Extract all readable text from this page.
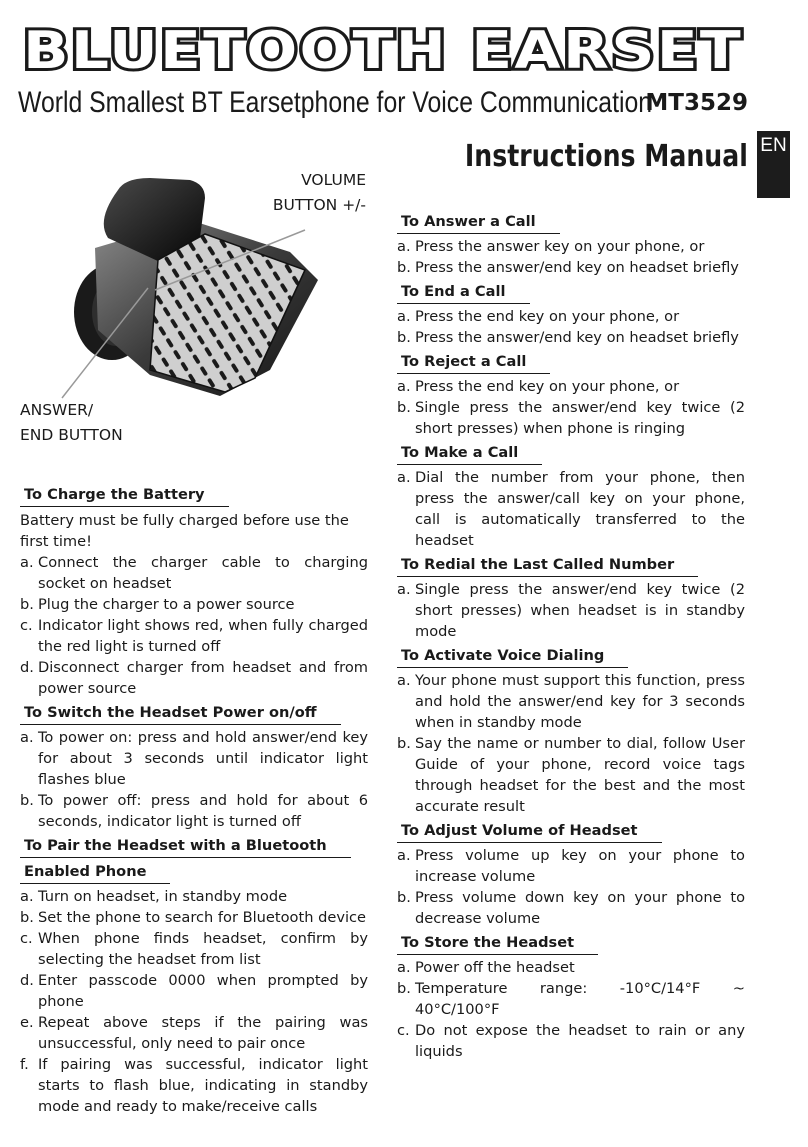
BLUETOOTH EARSET
World Smallest BT Earsetphone for Voice Communication
MT3529
EN
Instructions Manual
VOLUME
BUTTON +/-
ANSWER/
END BUTTON
To Charge the Battery

Battery must be fully charged before use the first time!

a. Connect the charger cable to charging socket on headset
b. Plug the charger to a power source
c. Indicator light shows red, when fully charged the red light is turned off
d. Disconnect charger from headset and from power source
To Switch the Headset Power on/off
a. To power on: press and hold answer/end key for about 3 seconds until indicator light flashes blue
b. To power off: press and hold for about 6 seconds, indicator light is turned off
To Pair the Headset with a Bluetooth
Enabled Phone
a. Turn on headset, in standby mode
b. Set the phone to search for Bluetooth device
c. When phone finds headset, confirm by selecting the headset from list
d. Enter passcode 0000 when prompted by phone
e. Repeat above steps if the pairing was unsuccessful, only need to pair once
f. If pairing was successful, indicator light starts to flash blue, indicating in standby mode and ready to make/receive calls
To Answer a Call
a. Press the answer key on your phone, or
b. Press the answer/end key on headset briefly
To End a Call
a. Press the end key on your phone, or
b. Press the answer/end key on headset briefly
To Reject a Call
a. Press the end key on your phone, or
b. Single press the answer/end key twice (2 short presses) when phone is ringing
To Make a Call
a. Dial the number from your phone, then press the answer/call key on your phone, call is automatically transferred to the headset
To Redial the Last Called Number
a. Single press the answer/end key twice (2 short presses) when headset is in standby mode
To Activate Voice Dialing
a. Your phone must support this function, press and hold the answer/end key for 3 seconds when in standby mode
b. Say the name or number to dial, follow User Guide of your phone, record voice tags through headset for the best and the most accurate result
To Adjust Volume of Headset
a. Press volume up key on your phone to increase volume
b. Press volume down key on your phone to decrease volume
To Store the Headset
a. Power off the headset
b. Temperature range: -10°C/14°F ~ 40°C/100°F
c. Do not expose the headset to rain or any liquids
